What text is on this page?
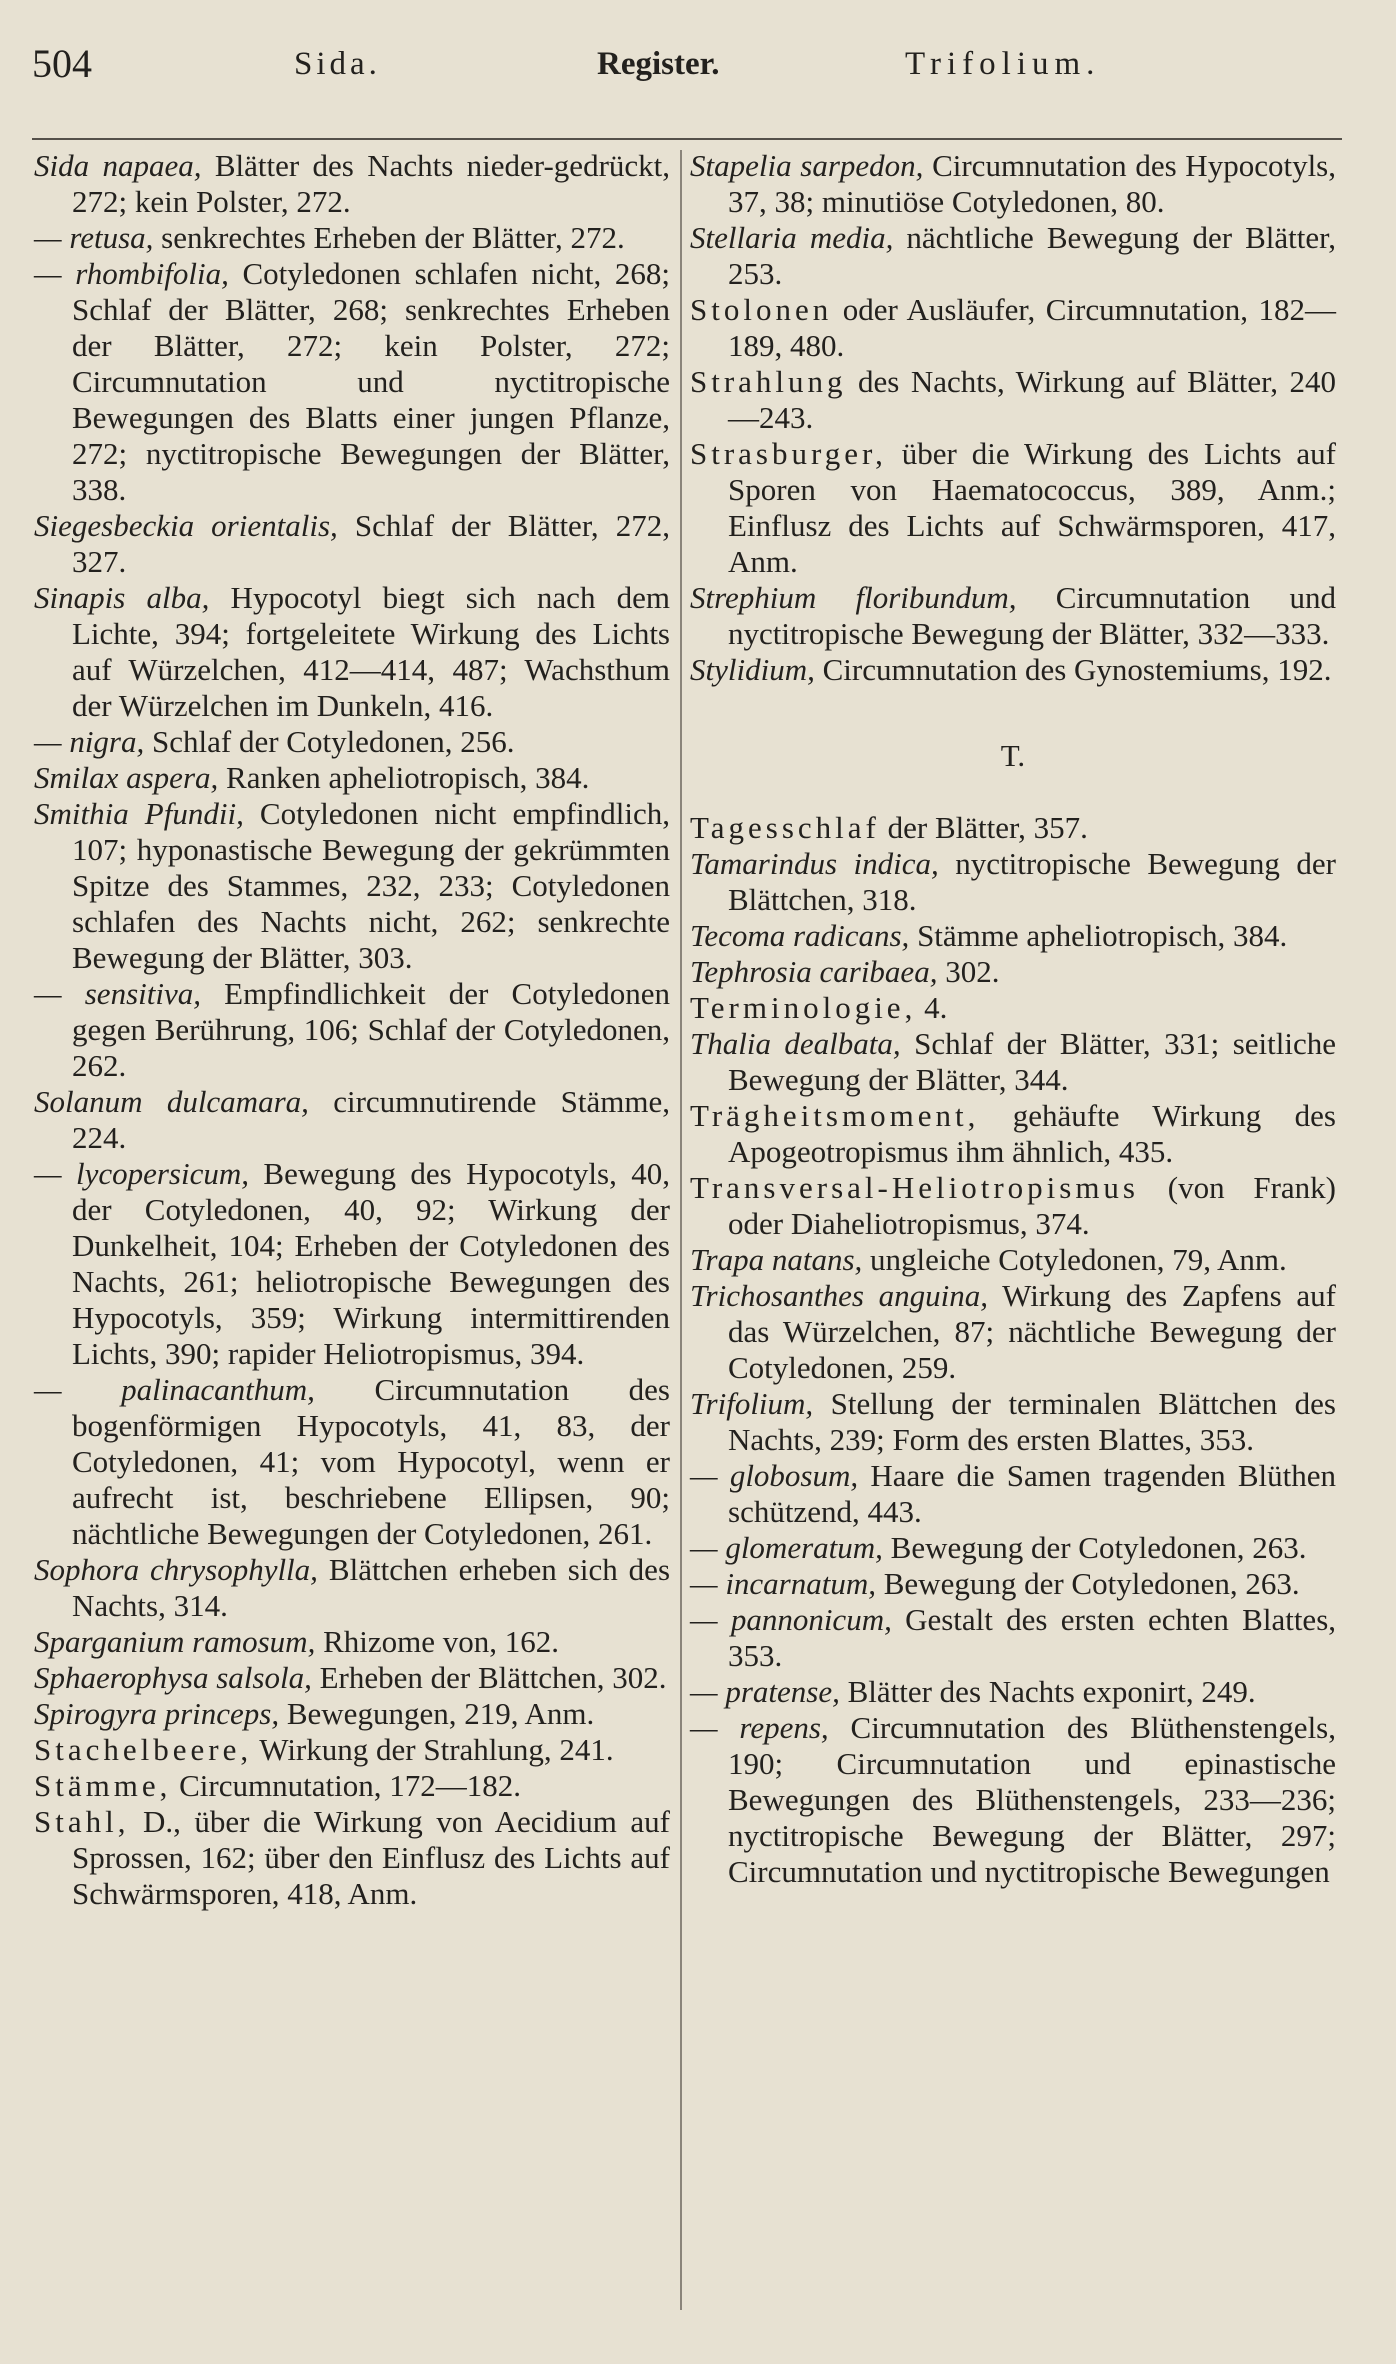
504	Sida.	Register.	Trifolium.

Sida napaea, Blätter des Nachts nieder-gedrückt, 272; kein Polster, 272.

— retusa, senkrechtes Erheben der Blätter, 272.

— rhombifolia, Cotyledonen schlafen nicht, 268; Schlaf der Blätter, 268; senkrechtes Erheben der Blätter, 272; kein Polster, 272; Circumnutation und nyctitropische Bewegungen des Blatts einer jungen Pflanze, 272; nyctitropische Bewegungen der Blätter, 338.

Siegesbeckia orientalis, Schlaf der Blätter, 272, 327.

Sinapis alba, Hypocotyl biegt sich nach dem Lichte, 394; fortgeleitete Wirkung des Lichts auf Würzelchen, 412—414, 487; Wachsthum der Würzelchen im Dunkeln, 416.

— nigra, Schlaf der Cotyledonen, 256.

Smilax aspera, Ranken apheliotropisch, 384.

Smithia Pfundii, Cotyledonen nicht empfindlich, 107; hyponastische Bewegung der gekrümmten Spitze des Stammes, 232, 233; Cotyledonen schlafen des Nachts nicht, 262; senkrechte Bewegung der Blätter, 303.

— sensitiva, Empfindlichkeit der Cotyledonen gegen Berührung, 106; Schlaf der Cotyledonen, 262.

Solanum dulcamara, circumnutirende Stämme, 224.

— lycopersicum, Bewegung des Hypocotyls, 40, der Cotyledonen, 40, 92; Wirkung der Dunkelheit, 104; Erheben der Cotyledonen des Nachts, 261; heliotropische Bewegungen des Hypocotyls, 359; Wirkung intermittirenden Lichts, 390; rapider Heliotropismus, 394.

— palinacanthum, Circumnutation des bogenförmigen Hypocotyls, 41, 83, der Cotyledonen, 41; vom Hypocotyl, wenn er aufrecht ist, beschriebene Ellipsen, 90; nächtliche Bewegungen der Cotyledonen, 261.

Sophora chrysophylla, Blättchen erheben sich des Nachts, 314.

Sparganium ramosum, Rhizome von, 162.

Sphaerophysa salsola, Erheben der Blättchen, 302.

Spirogyra princeps, Bewegungen, 219, Anm.

Stachelbeere, Wirkung der Strahlung, 241.

Stämme, Circumnutation, 172—182.

Stahl, D., über die Wirkung von Aecidium auf Sprossen, 162; über den Einflusz des Lichts auf Schwärmsporen, 418, Anm.

Stapelia sarpedon, Circumnutation des Hypocotyls, 37, 38; minutiöse Cotyledonen, 80.

Stellaria media, nächtliche Bewegung der Blätter, 253.

Stolonen oder Ausläufer, Circumnutation, 182—189, 480.

Strahlung des Nachts, Wirkung auf Blätter, 240—243.

Strasburger, über die Wirkung des Lichts auf Sporen von Haematococcus, 389, Anm.; Einflusz des Lichts auf Schwärmsporen, 417, Anm.

Strephium floribundum, Circumnutation und nyctitropische Bewegung der Blätter, 332—333.

Stylidium, Circumnutation des Gynostemiums, 192.

T.

Tagesschlaf der Blätter, 357.

Tamarindus indica, nyctitropische Bewegung der Blättchen, 318.

Tecoma radicans, Stämme apheliotropisch, 384.

Tephrosia caribaea, 302.

Terminologie, 4.

Thalia dealbata, Schlaf der Blätter, 331; seitliche Bewegung der Blätter, 344.

Trägheitsmoment, gehäufte Wirkung des Apogeotropismus ihm ähnlich, 435.

Transversal-Heliotropismus (von Frank) oder Diaheliotropismus, 374.

Trapa natans, ungleiche Cotyledonen, 79, Anm.

Trichosanthes anguina, Wirkung des Zapfens auf das Würzelchen, 87; nächtliche Bewegung der Cotyledonen, 259.

Trifolium, Stellung der terminalen Blättchen des Nachts, 239; Form des ersten Blattes, 353.

— globosum, Haare die Samen tragenden Blüthen schützend, 443.

— glomeratum, Bewegung der Cotyledonen, 263.

— incarnatum, Bewegung der Cotyledonen, 263.

— pannonicum, Gestalt des ersten echten Blattes, 353.

— pratense, Blätter des Nachts exponirt, 249.

— repens, Circumnutation des Blüthenstengels, 190; Circumnutation und epinastische Bewegungen des Blüthenstengels, 233—236; nyctitropische Bewegung der Blätter, 297; Circumnutation und nyctitropische Bewegungen
